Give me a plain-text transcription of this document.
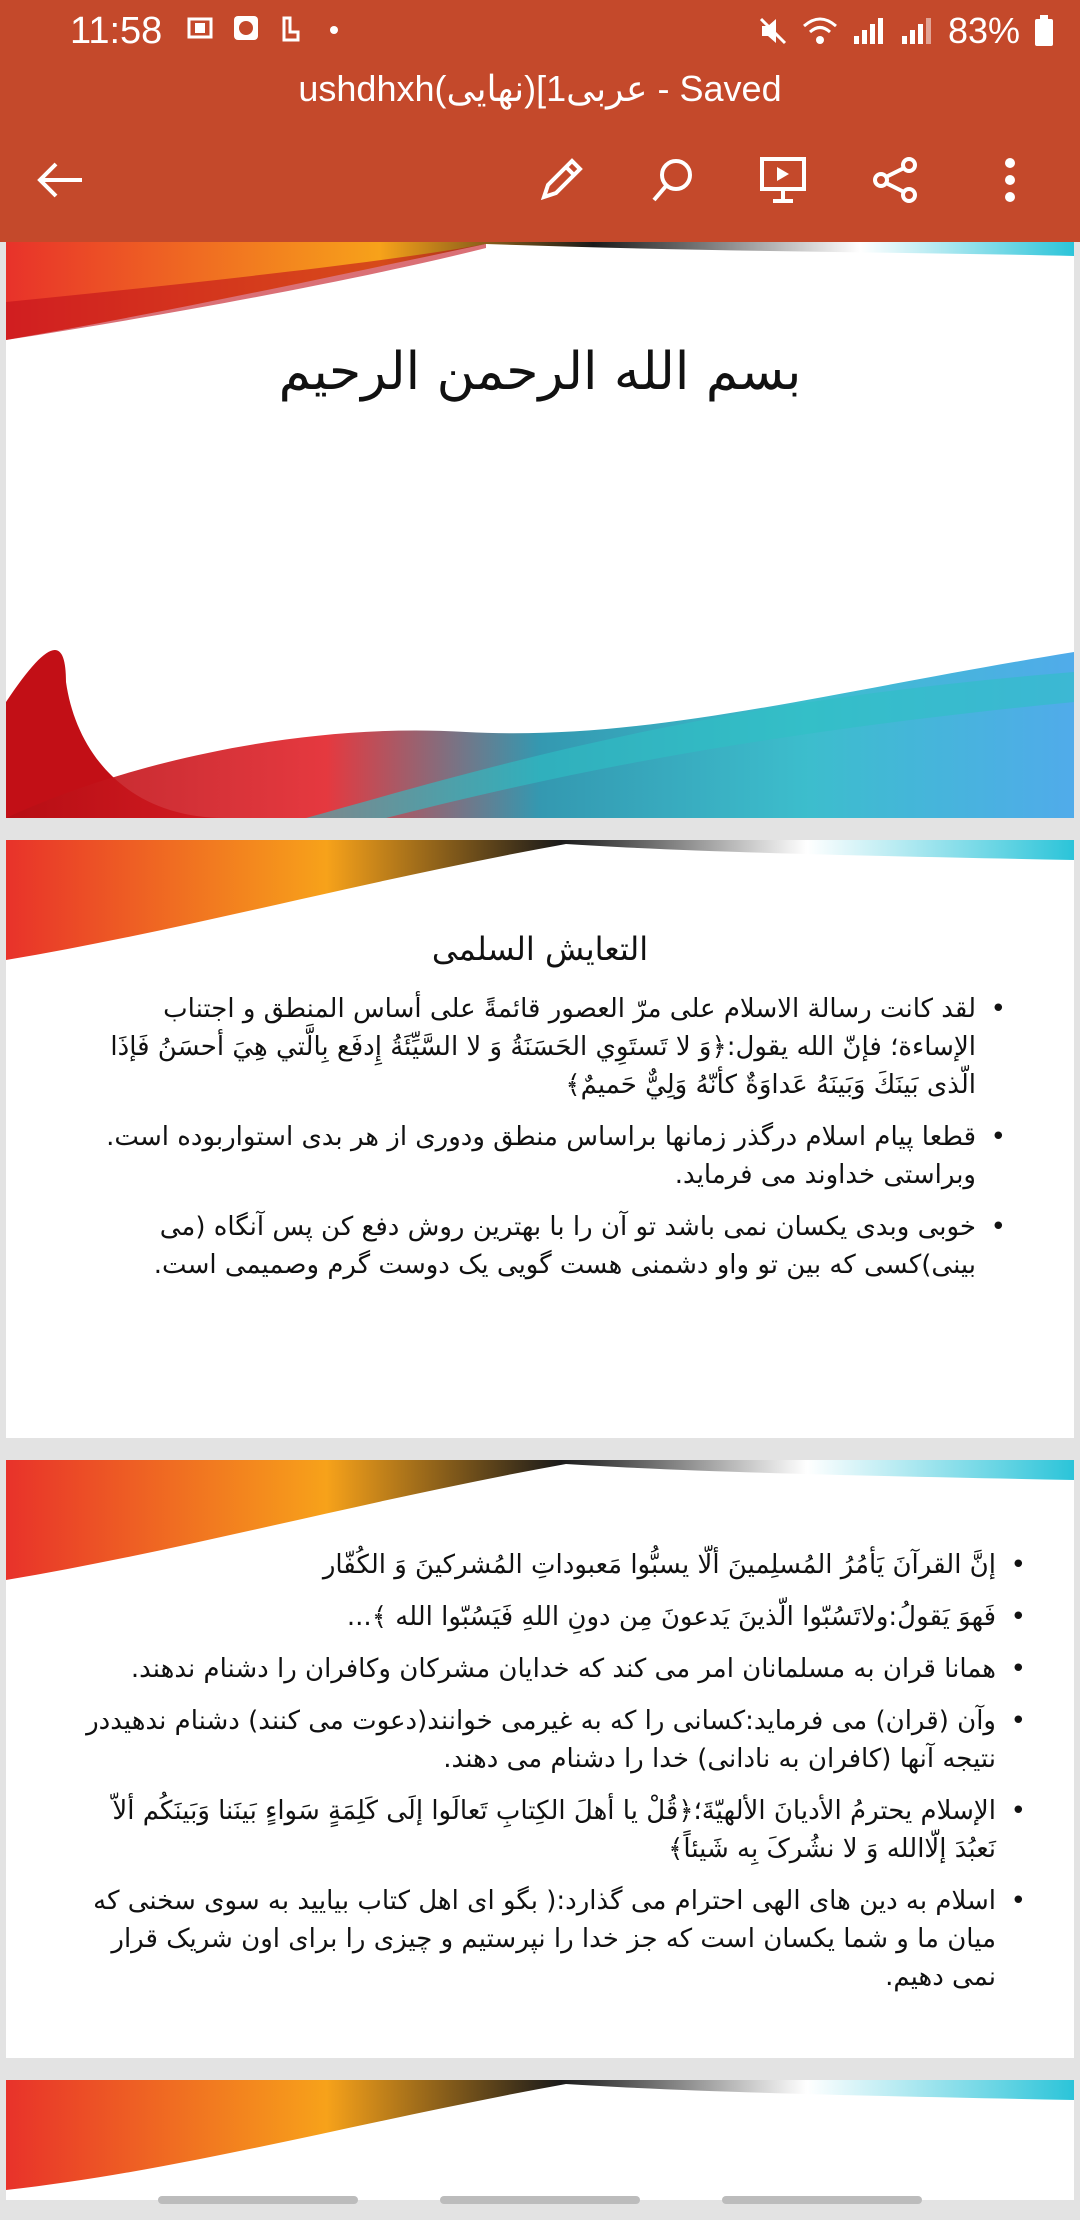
11:58	83%
ushdhxh(نهایی)[عربی1 - Saved
بسم الله الرحمن الرحیم
التعایش السلمی
• لقد کانت رسالة الاسلام علی مرّ العصور قائمةً علی أساس المنطق و اجتناب الإساءة؛ فإنّ الله یقول:﴿وَ لا تَستَوِي الحَسَنَةُ وَ لا السَّیِّئَةُ إِدفَع بِالَّتي هِيَ أحسَنُ فَإذَا الّذی بَینَكَ وَبَینَهُ عَداوَةٌ كأنّهُ وَلِيٌّ حَمیمٌ﴾
• قطعا پیام اسلام درگذر زمانها براساس منطق ودوری از هر بدی استواربوده است. وبراستی خداوند می فرماید.
• خوبی وبدی یکسان نمی باشد تو آن را با بهترین روش دفع کن پس آنگاه (می بینی)کسی که بین تو واو دشمنی هست گویی یک دوست گرم وصمیمی است.
• إنَّ القرآنَ یَأمُرُ المُسلِمینَ ألّا یسبُّوا مَعبوداتِ المُشرکینَ وَ الکُفّار
• فَهوَ یَقولُ:ولاتَسُبّوا الّذینَ یَدعونَ مِن دونِ اللهِ فَیَسُبّوا الله ﴾...
• همانا قران به مسلمانان امر می کند که خدایان مشرکان وکافران را دشنام ندهند.
• وآن (قران) می فرماید:کسانی را که به غیرمی خوانند(دعوت می کنند) دشنام ندهیددر نتیجه آنها (کافران به نادانی) خدا را دشنام می دهند.
• الإسلام یحترمُ الأدیانَ الألهیّةَ؛﴿قُلْ یا أهلَ الکِتابِ تَعالَوا إلَی کَلِمَةٍ سَواءٍ بَینَنا وَبَینَکُم ألاّ نَعبُدَ إلّاالله وَ لا نشُرکَ بِه شَیئاً﴾
• اسلام به دین های الهی احترام می گذارد:( بگو ای اهل کتاب بیایید به سوی سخنی که میان ما و شما یکسان است که جز خدا را نپرستیم و چیزی را برای اون شریک قرار نمی دهیم.
